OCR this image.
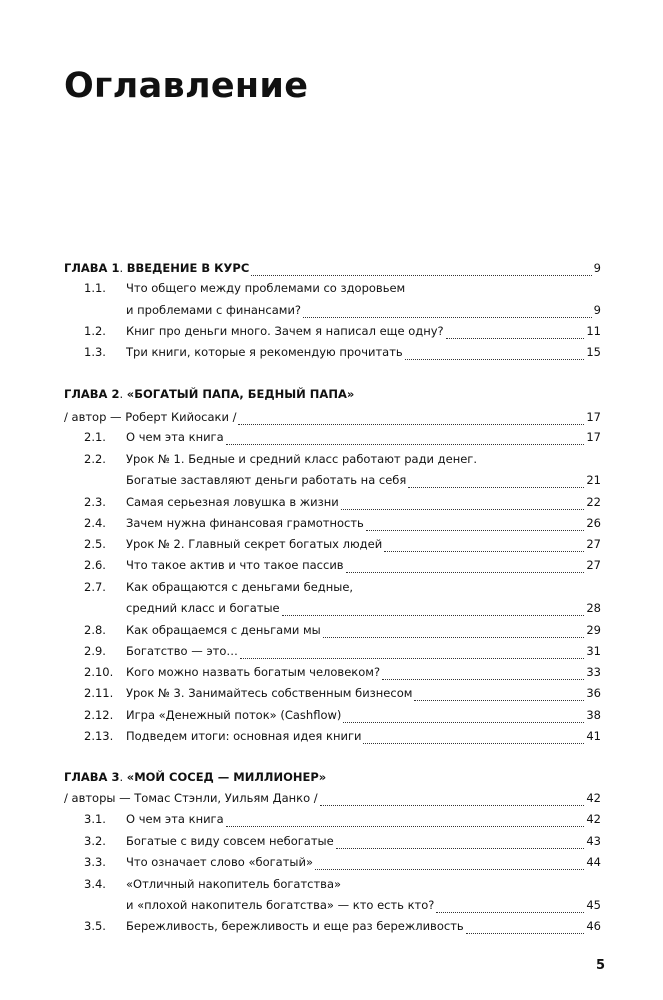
Оглавление
ГЛАВА 1 . ВВЕДЕНИЕ В КУРС	9
1.1. Что общего между проблемами со здоровьем
и проблемами с финансами?	9
1.2. Книг про деньги много. Зачем я написал еще одну?	11
1.3. Три книги, которые я рекомендую прочитать	15
ГЛАВА 2 . «БОГАТЫЙ ПАПА, БЕДНЫЙ ПАПА»
/ автор — Роберт Кийосаки /	17
2.1. О чем эта книга	17
2.2. Урок № 1. Бедные и средний класс работают ради денег.
Богатые заставляют деньги работать на себя	21
2.3. Самая серьезная ловушка в жизни	22
2.4. Зачем нужна финансовая грамотность	26
2.5. Урок № 2. Главный секрет богатых людей	27
2.6. Что такое актив и что такое пассив	27
2.7. Как обращаются с деньгами бедные,
средний класс и богатые	28
2.8. Как обращаемся с деньгами мы	29
2.9. Богатство — это…	31
2.10. Кого можно назвать богатым человеком?	33
2.11. Урок № 3. Занимайтесь собственным бизнесом	36
2.12. Игра «Денежный поток» (Cashflow)	38
2.13. Подведем итоги: основная идея книги	41
ГЛАВА 3 . «МОЙ СОСЕД — МИЛЛИОНЕР»
/ авторы — Томас Стэнли, Уильям Данко /	42
3.1. О чем эта книга	42
3.2. Богатые с виду совсем небогатые	43
3.3. Что означает слово «богатый»	44
3.4. «Отличный накопитель богатства»
и «плохой накопитель богатства» — кто есть кто?	45
3.5. Бережливость, бережливость и еще раз бережливость	46
5
